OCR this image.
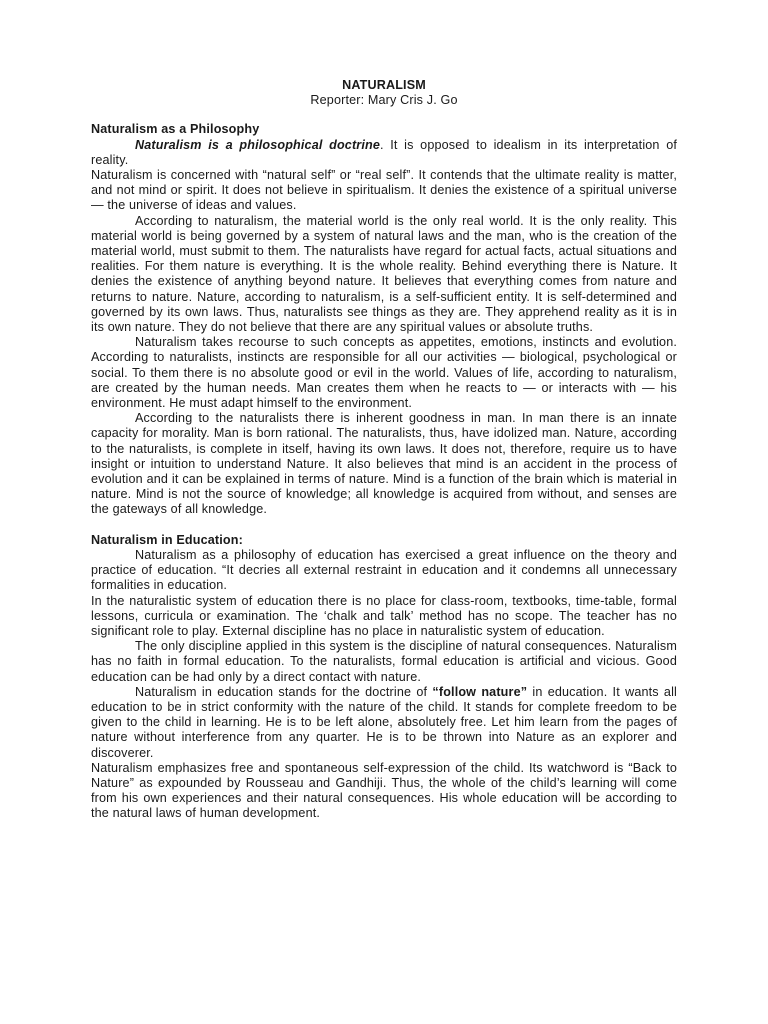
NATURALISM

Reporter: Mary Cris J. Go

Naturalism as a Philosophy

Naturalism is a philosophical doctrine. It is opposed to idealism in its interpretation of reality.

Naturalism is concerned with “natural self” or “real self”. It contends that the ultimate reality is matter, and not mind or spirit. It does not believe in spiritualism. It denies the existence of a spiritual universe — the universe of ideas and values.

According to naturalism, the material world is the only real world. It is the only reality. This material world is being governed by a system of natural laws and the man, who is the creation of the material world, must submit to them. The naturalists have regard for actual facts, actual situations and realities. For them nature is everything. It is the whole reality. Behind everything there is Nature. It denies the existence of anything beyond nature. It believes that everything comes from nature and returns to nature. Nature, according to naturalism, is a self-sufficient entity. It is self-determined and governed by its own laws. Thus, naturalists see things as they are. They apprehend reality as it is in its own nature. They do not believe that there are any spiritual values or absolute truths.

Naturalism takes recourse to such concepts as appetites, emotions, instincts and evolution. According to naturalists, instincts are responsible for all our activities — biological, psychological or social. To them there is no absolute good or evil in the world. Values of life, according to naturalism, are created by the human needs. Man creates them when he reacts to — or interacts with — his environment. He must adapt himself to the environment.

According to the naturalists there is inherent goodness in man. In man there is an innate capacity for morality. Man is born rational. The naturalists, thus, have idolized man. Nature, according to the naturalists, is complete in itself, having its own laws. It does not, therefore, require us to have insight or intuition to understand Nature. It also believes that mind is an accident in the process of evolution and it can be explained in terms of nature. Mind is a function of the brain which is material in nature. Mind is not the source of knowledge; all knowledge is acquired from without, and senses are the gateways of all knowledge.

Naturalism in Education:

Naturalism as a philosophy of education has exercised a great influence on the theory and practice of education. “It decries all external restraint in education and it condemns all unnecessary formalities in education.

In the naturalistic system of education there is no place for class-room, textbooks, time-table, formal lessons, curricula or examination. The ‘chalk and talk’ method has no scope. The teacher has no significant role to play. External discipline has no place in naturalistic system of education.

The only discipline applied in this system is the discipline of natural consequences. Naturalism has no faith in formal education. To the naturalists, formal education is artificial and vicious. Good education can be had only by a direct contact with nature.

Naturalism in education stands for the doctrine of “follow nature” in education. It wants all education to be in strict conformity with the nature of the child. It stands for complete freedom to be given to the child in learning. He is to be left alone, absolutely free. Let him learn from the pages of nature without interference from any quarter. He is to be thrown into Nature as an explorer and discoverer.

Naturalism emphasizes free and spontaneous self-expression of the child. Its watchword is “Back to Nature” as expounded by Rousseau and Gandhiji. Thus, the whole of the child’s learning will come from his own experiences and their natural consequences. His whole education will be according to the natural laws of human development.
